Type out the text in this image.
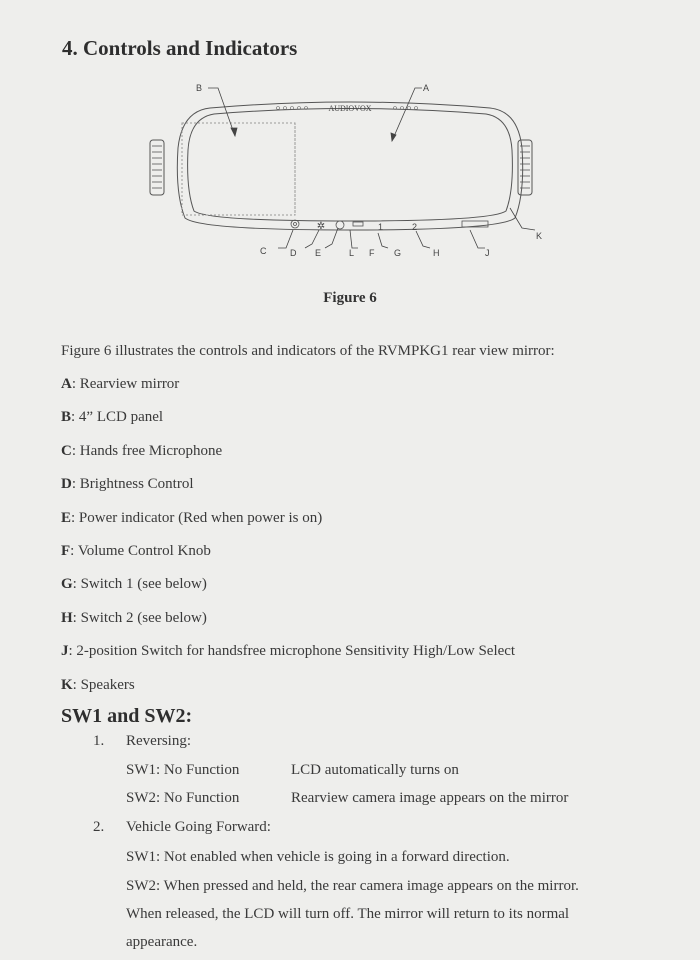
4. Controls and Indicators
AUDIOVOX
✲	1	2
B	A
C	D E	L F G	H	J
K
Figure 6
Figure 6 illustrates the controls and indicators of the RVMPKG1 rear view mirror:
A: Rearview mirror
B: 4” LCD panel
C: Hands free Microphone
D: Brightness Control
E: Power indicator (Red when power is on)
F: Volume Control Knob
G: Switch 1 (see below)
H: Switch 2 (see below)
J: 2-position Switch for handsfree microphone Sensitivity High/Low Select
K: Speakers
SW1 and SW2:
1. Reversing:
SW1: No Function	LCD automatically turns on
SW2: No Function	Rearview camera image appears on the mirror
2. Vehicle Going Forward:
SW1: Not enabled when vehicle is going in a forward direction.
SW2: When pressed and held, the rear camera image appears on the mirror.
When released, the LCD will turn off. The mirror will return to its normal
appearance.
